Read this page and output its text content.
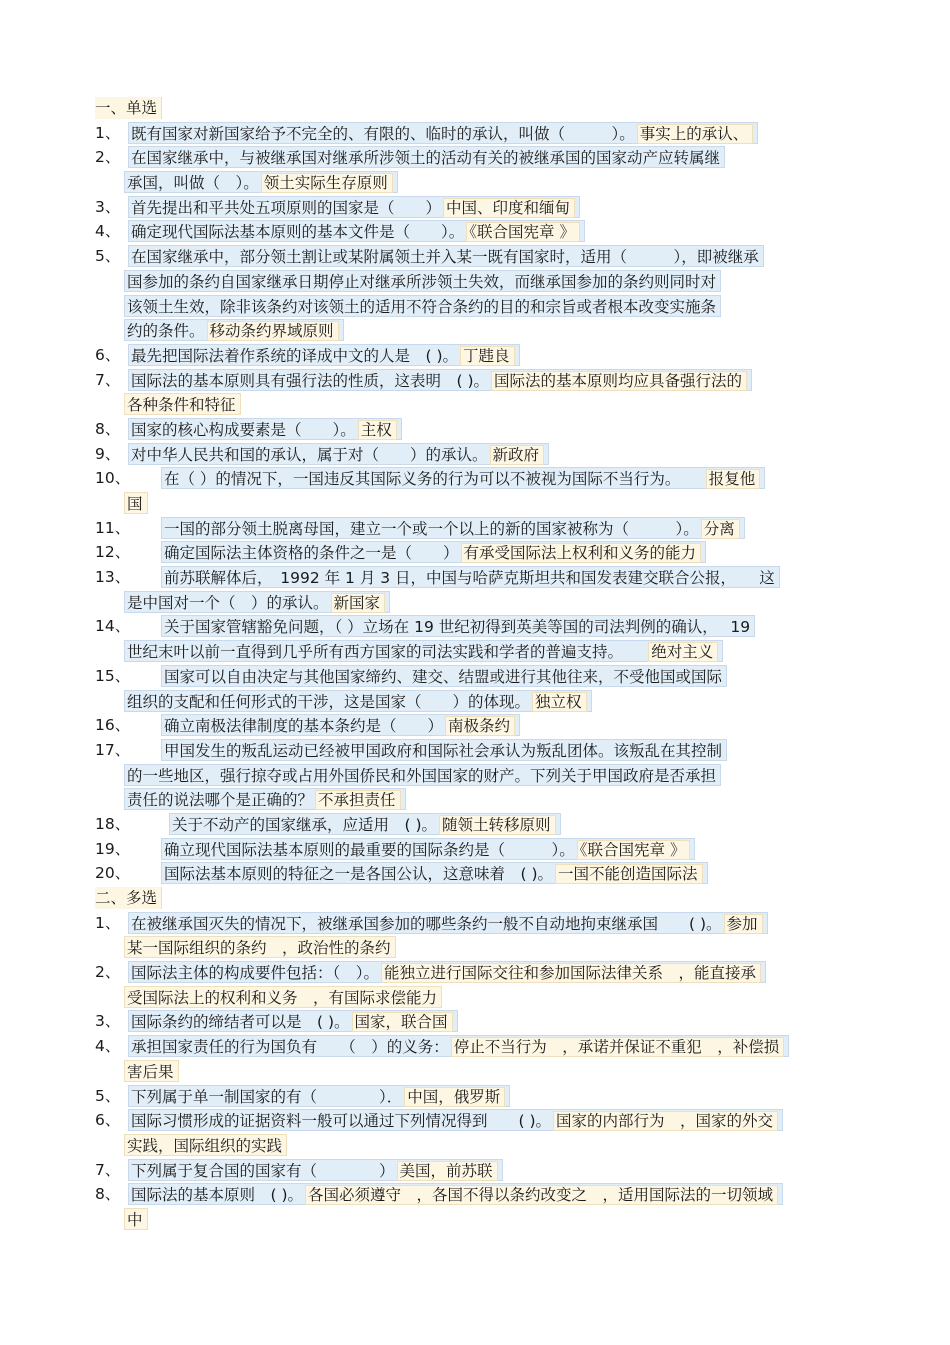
一、单选
1、 既有国家对新国家给予不完全的、有限的、临时的承认，叫做（　　　）。 事实上的承认、
2、 在国家继承中，与被继承国对继承所涉领土的活动有关的被继承国的国家动产应转属继
承国，叫做（　）。 领土实际生存原则
3、 首先提出和平共处五项原则的国家是（　　） 中国、印度和缅甸
4、 确定现代国际法基本原则的基本文件是（　　）。 《联合国宪章 》
5、 在国家继承中，部分领土割让或某附属领土并入某一既有国家时，适用（　　　），即被继承
国参加的条约自国家继承日期停止对继承所涉领土失效，而继承国参加的条约则同时对
该领土生效，除非该条约对该领土的适用不符合条约的目的和宗旨或者根本改变实施条
约的条件。 移动条约界域原则
6、 最先把国际法着作系统的译成中文的人是　( )。 丁韪良
7、 国际法的基本原则具有强行法的性质，这表明　( )。 国际法的基本原则均应具备强行法的
各种条件和特征
8、 国家的核心构成要素是（　　）。 主权
9、 对中华人民共和国的承认，属于对（　　）的承认。 新政府
10、 在（ ）的情况下，一国违反其国际义务的行为可以不被视为国际不当行为。　　报复他
国
11、 一国的部分领土脱离母国，建立一个或一个以上的新的国家被称为（　　　）。 分离
12、 确定国际法主体资格的条件之一是（　　） 有承受国际法上权利和义务的能力
13、 前苏联解体后，　1992 年 1 月 3 日，中国与哈萨克斯坦共和国发表建交联合公报，　　这
是中国对一个（　）的承认。 新国家
14、 关于国家管辖豁免问题，（ ）立场在 19 世纪初得到英美等国的司法判例的确认，　 19
世纪末叶以前一直得到几乎所有西方国家的司法实践和学者的普遍支持。　　绝对主义
15、 国家可以自由决定与其他国家缔约、建交、结盟或进行其他往来，不受他国或国际
组织的支配和任何形式的干涉，这是国家（　　）的体现。 独立权
16、 确立南极法律制度的基本条约是（　　） 南极条约
17、 甲国发生的叛乱运动已经被甲国政府和国际社会承认为叛乱团体。该叛乱在其控制
的一些地区，强行掠夺或占用外国侨民和外国国家的财产。下列关于甲国政府是否承担
责任的说法哪个是正确的？ 不承担责任
18、	关于不动产的国家继承，应适用　( )。 随领土转移原则
19、 确立现代国际法基本原则的最重要的国际条约是（　　　）。 《联合国宪章 》
20、 国际法基本原则的特征之一是各国公认，这意味着　( )。 一国不能创造国际法
二、多选
1、 在被继承国灭失的情况下，被继承国参加的哪些条约一般不自动地拘束继承国　　( )。 参加
某一国际组织的条约　，政治性的条约
2、 国际法主体的构成要件包括：（　）。 能独立进行国际交往和参加国际法律关系　，能直接承
受国际法上的权利和义务　，有国际求偿能力
3、 国际条约的缔结者可以是　( )。 国家，联合国
4、 承担国家责任的行为国负有　　（　）的义务： 停止不当行为　，承诺并保证不重犯　，补偿损
害后果
5、 下列属于单一制国家的有（　　　　）． 中国，俄罗斯
6、 国际习惯形成的证据资料一般可以通过下列情况得到　　( )。 国家的内部行为　，国家的外交
实践，国际组织的实践
7、 下列属于复合国的国家有（　　　　） 美国，前苏联
8、 国际法的基本原则　( )。 各国必须遵守　，各国不得以条约改变之　，适用国际法的一切领域
中
